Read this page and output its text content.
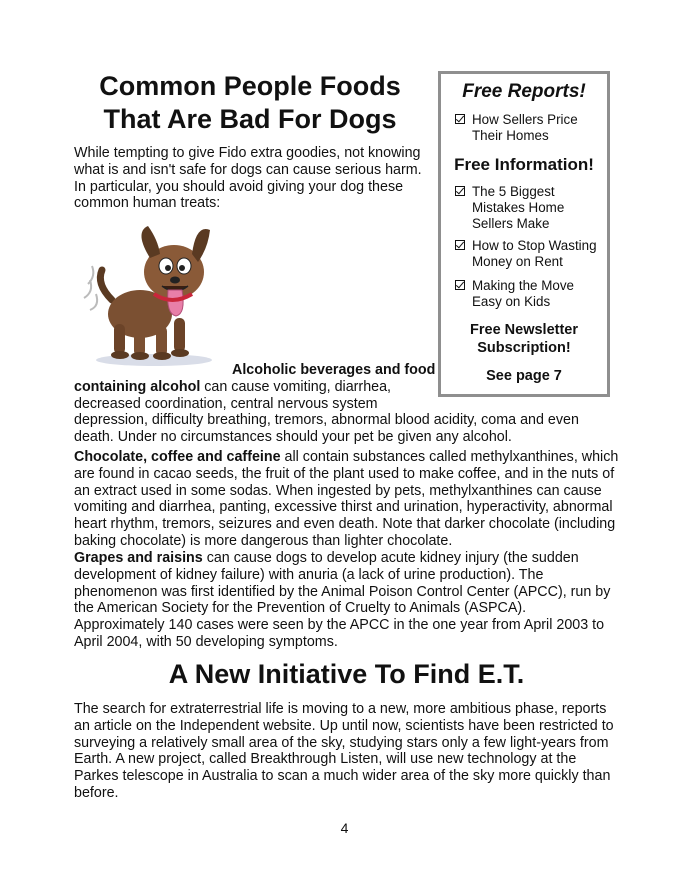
Common People Foods That Are Bad For Dogs

While tempting to give Fido extra goodies, not knowing what is and isn't safe for dogs can cause serious harm. In particular, you should avoid giving your dog these common human treats:

Alcoholic beverages and food
containing alcohol can cause vomiting, diarrhea,
decreased coordination, central nervous system
depression, difficulty breathing, tremors, abnormal blood acidity, coma and even death. Under no circumstances should your pet be given any alcohol.

Chocolate, coffee and caffeine all contain substances called methylxanthines, which are found in cacao seeds, the fruit of the plant used to make coffee, and in the nuts of an extract used in some sodas. When ingested by pets, methylxanthines can cause vomiting and diarrhea, panting, excessive thirst and urination, hyperactivity, abnormal heart rhythm, tremors, seizures and even death. Note that darker chocolate (including baking chocolate) is more dangerous than lighter chocolate.

Grapes and raisins can cause dogs to develop acute kidney injury (the sudden development of kidney failure) with anuria (a lack of urine production). The phenomenon was first identified by the Animal Poison Control Center (APCC), run by the American Society for the Prevention of Cruelty to Animals (ASPCA). Approximately 140 cases were seen by the APCC in the one year from April 2003 to April 2004, with 50 developing symptoms.

A New Initiative To Find E.T.

The search for extraterrestrial life is moving to a new, more ambitious phase, reports an article on the Independent website. Up until now, scientists have been restricted to surveying a relatively small area of the sky, studying stars only a few light-years from Earth. A new project, called Breakthrough Listen, will use new technology at the Parkes telescope in Australia to scan a much wider area of the sky more quickly than before.

Free Reports!
How Sellers Price Their Homes
Free Information!
The 5 Biggest Mistakes Home Sellers Make
How to Stop Wasting Money on Rent
Making the Move Easy on Kids
Free Newsletter Subscription!
See page 7
4
